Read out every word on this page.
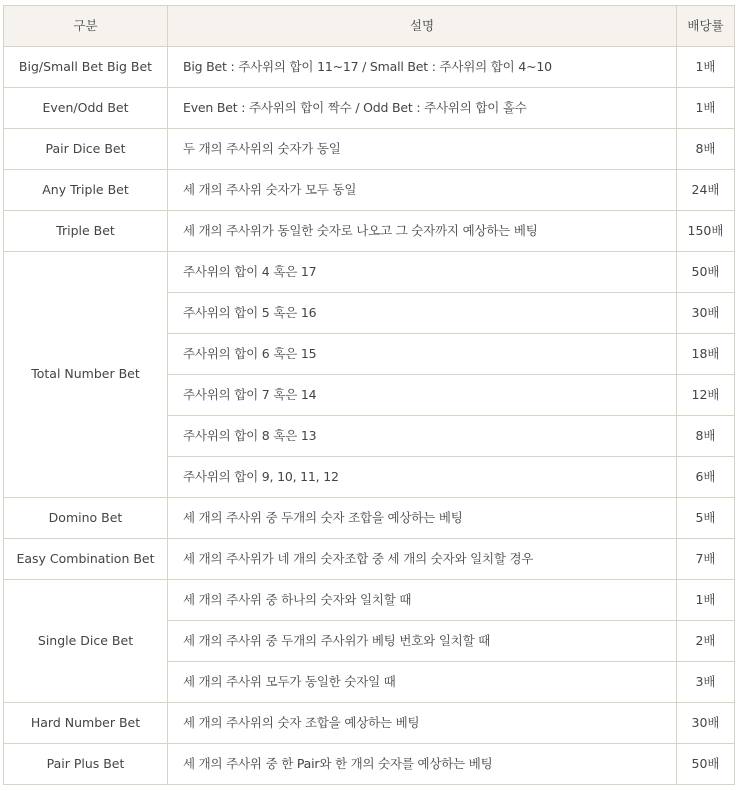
구분	설명	배당률
Big/Small Bet Big Bet	Big Bet : 주사위의 합이 11~17 / Small Bet : 주사위의 합이 4~10	1배
Even/Odd Bet	Even Bet : 주사위의 합이 짝수 / Odd Bet : 주사위의 합이 홀수	1배
Pair Dice Bet	두 개의 주사위의 숫자가 동일	8배
Any Triple Bet	세 개의 주사위 숫자가 모두 동일	24배
Triple Bet	세 개의 주사위가 동일한 숫자로 나오고 그 숫자까지 예상하는 베팅	150배
Total Number Bet	주사위의 합이 4 혹은 17	50배
	주사위의 합이 5 혹은 16	30배
	주사위의 합이 6 혹은 15	18배
	주사위의 합이 7 혹은 14	12배
	주사위의 합이 8 혹은 13	8배
	주사위의 합이 9, 10, 11, 12	6배
Domino Bet	세 개의 주사위 중 두개의 숫자 조합을 예상하는 베팅	5배
Easy Combination Bet	세 개의 주사위가 네 개의 숫자조합 중 세 개의 숫자와 일치할 경우	7배
Single Dice Bet	세 개의 주사위 중 하나의 숫자와 일치할 때	1배
	세 개의 주사위 중 두개의 주사위가 베팅 번호와 일치할 때	2배
	세 개의 주사위 모두가 동일한 숫자일 때	3배
Hard Number Bet	세 개의 주사위의 숫자 조합을 예상하는 베팅	30배
Pair Plus Bet	세 개의 주사위 중 한 Pair와 한 개의 숫자를 예상하는 베팅	50배
